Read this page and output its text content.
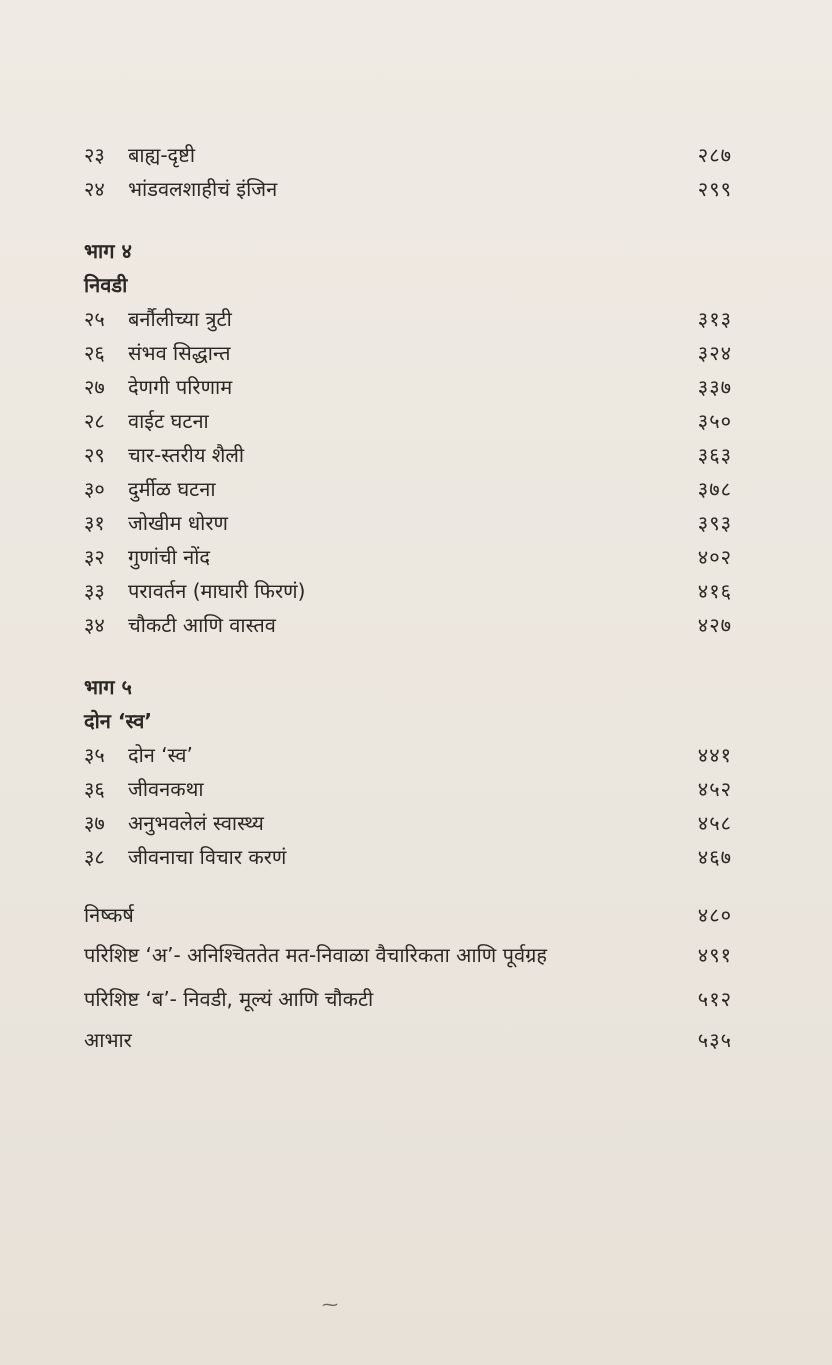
२३	बाह्य-दृष्टी	२८७
२४	भांडवलशाहीचं इंजिन	२९९
भाग ४
निवडी
२५	बर्नौलीच्या त्रुटी	३१३
२६	संभव सिद्धान्त	३२४
२७	देणगी परिणाम	३३७
२८	वाईट घटना	३५०
२९	चार-स्तरीय शैली	३६३
३०	दुर्मीळ घटना	३७८
३१	जोखीम धोरण	३९३
३२	गुणांची नोंद	४०२
३३	परावर्तन (माघारी फिरणं)	४१६
३४	चौकटी आणि वास्तव	४२७
भाग ५
दोन ‘स्व’
३५	दोन ‘स्व’	४४१
३६	जीवनकथा	४५२
३७	अनुभवलेलं स्वास्थ्य	४५८
३८	जीवनाचा विचार करणं	४६७
निष्कर्ष	४८०
परिशिष्ट ‘अ’- अनिश्चिततेत मत-निवाळा वैचारिकता आणि पूर्वग्रह	४९१
परिशिष्ट ‘ब’- निवडी, मूल्यं आणि चौकटी	५१२
आभार	५३५
⁓
